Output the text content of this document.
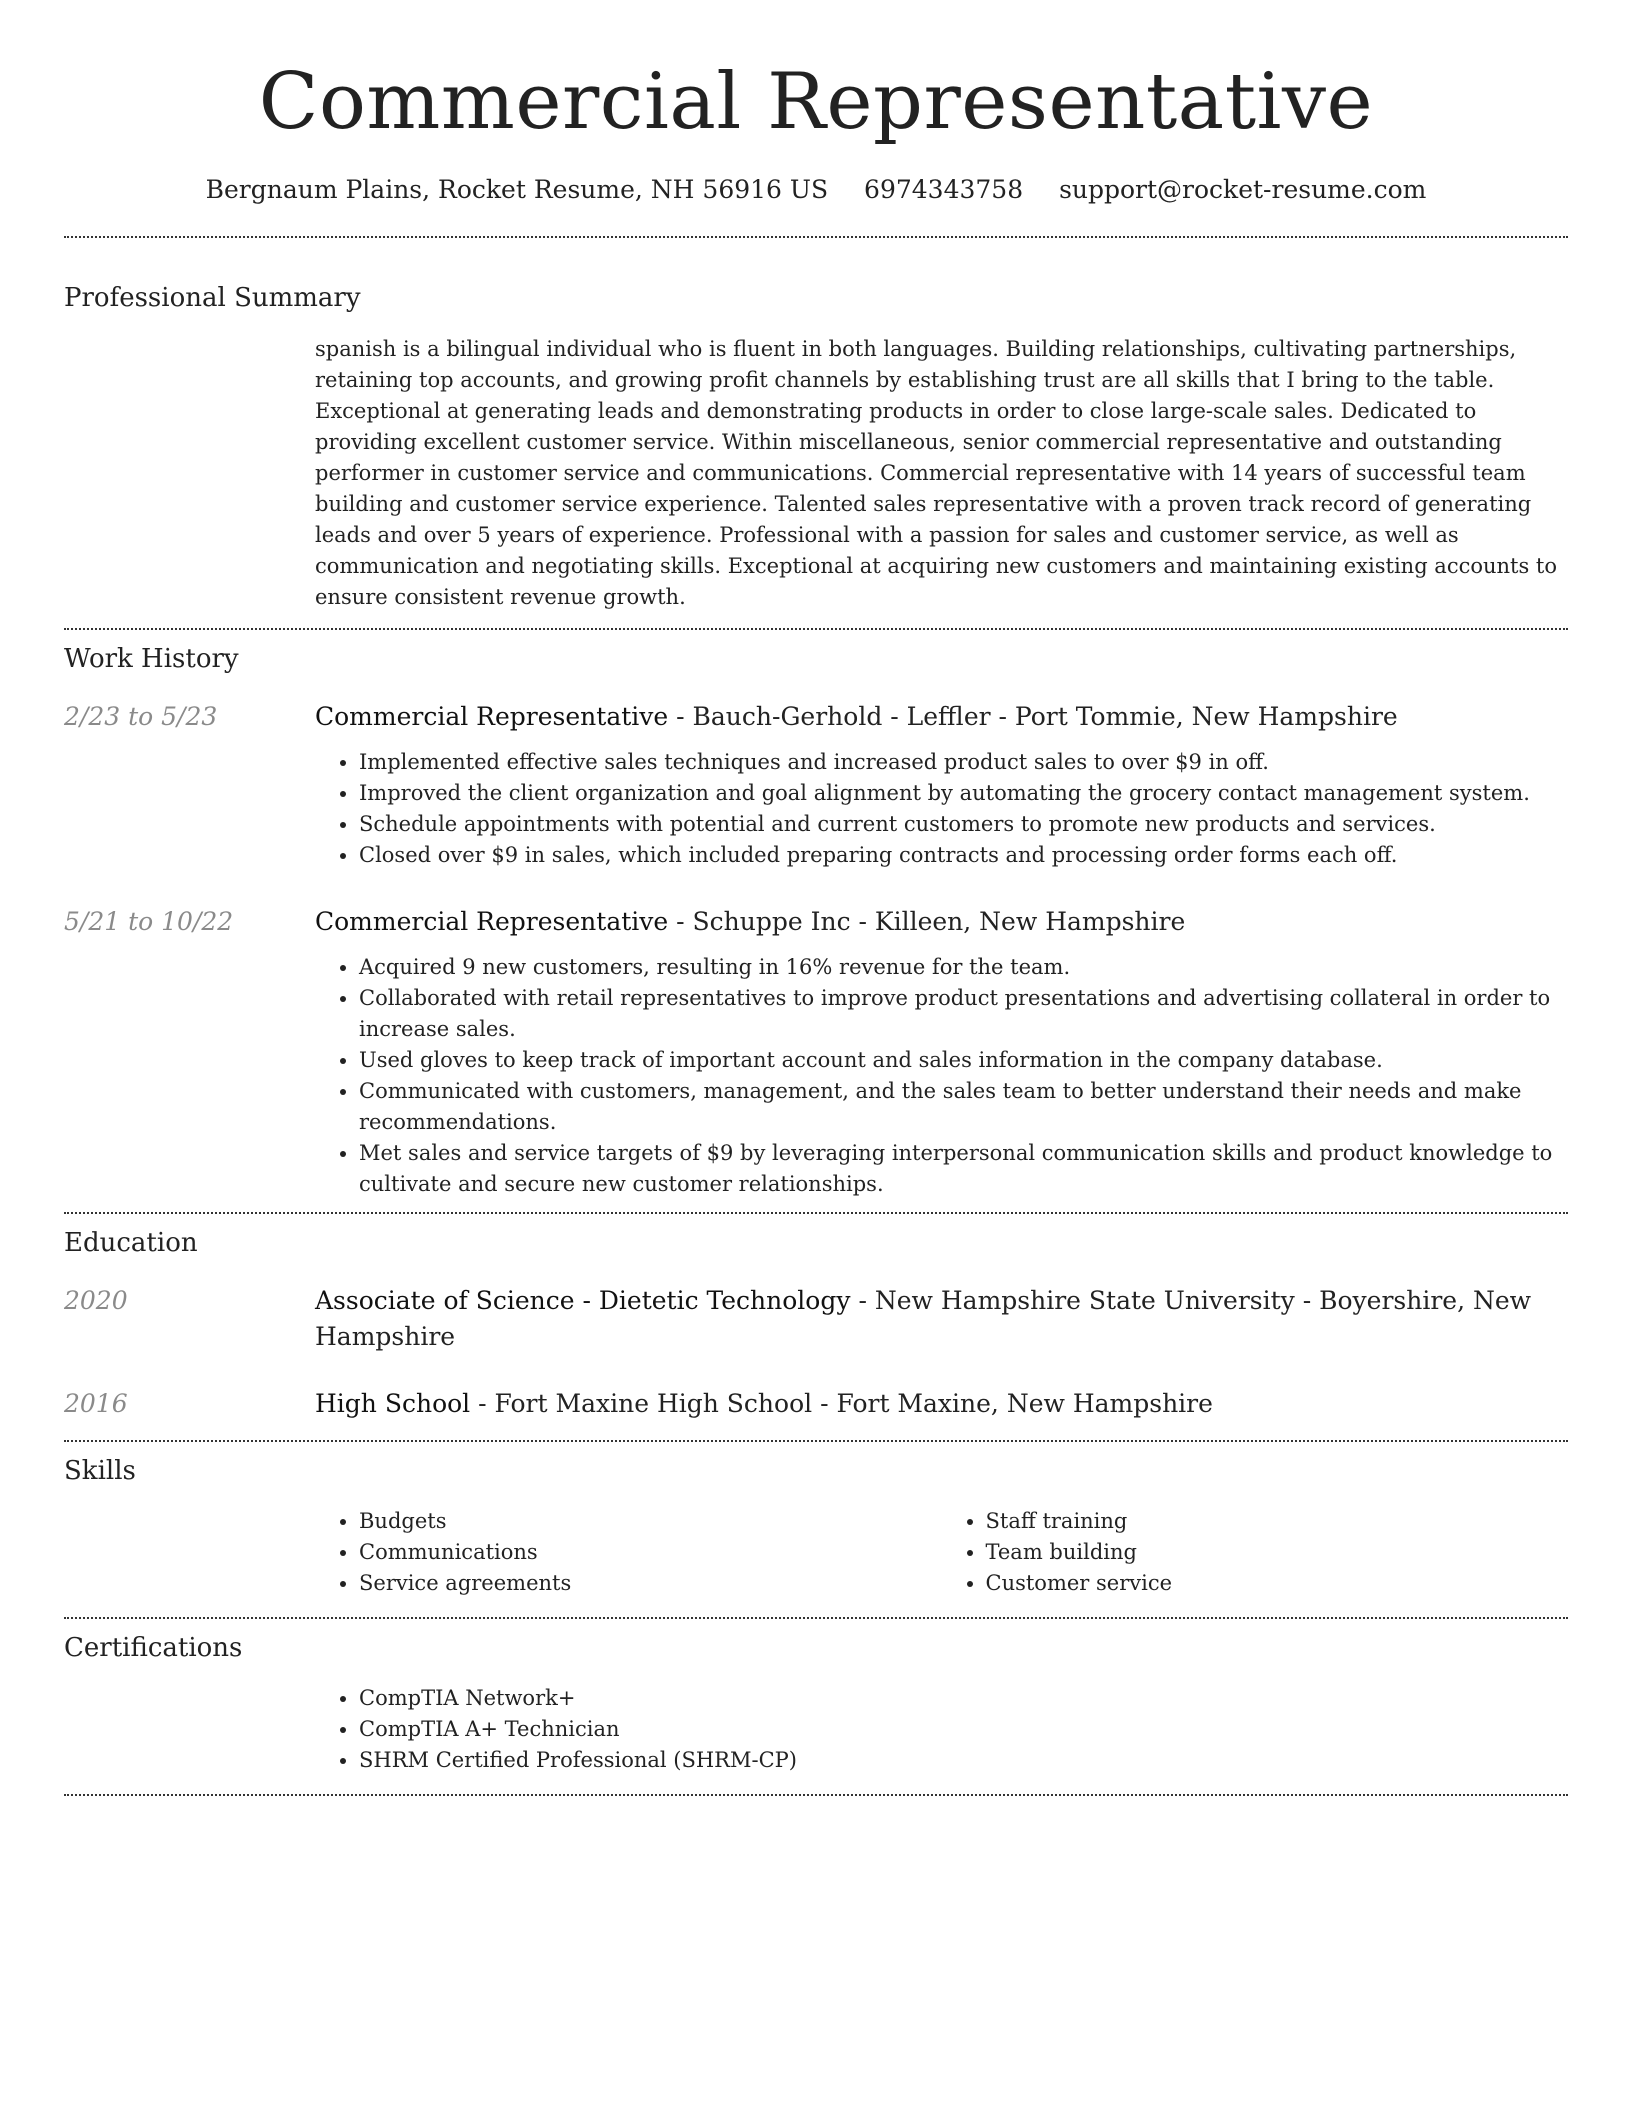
Commercial Representative
Bergnaum Plains, Rocket Resume, NH 56916 US 6974343758 support@rocket-resume.com
Professional Summary
spanish is a bilingual individual who is fluent in both languages. Building relationships, cultivating partnerships, retaining top accounts, and growing profit channels by establishing trust are all skills that I bring to the table. Exceptional at generating leads and demonstrating products in order to close large-scale sales. Dedicated to providing excellent customer service. Within miscellaneous, senior commercial representative and outstanding performer in customer service and communications. Commercial representative with 14 years of successful team building and customer service experience. Talented sales representative with a proven track record of generating leads and over 5 years of experience. Professional with a passion for sales and customer service, as well as communication and negotiating skills. Exceptional at acquiring new customers and maintaining existing accounts to ensure consistent revenue growth.
Work History
2/23 to 5/23	Commercial Representative - Bauch-Gerhold - Leffler - Port Tommie, New Hampshire
• Implemented effective sales techniques and increased product sales to over $9 in off.
• Improved the client organization and goal alignment by automating the grocery contact management system.
• Schedule appointments with potential and current customers to promote new products and services.
• Closed over $9 in sales, which included preparing contracts and processing order forms each off.
5/21 to 10/22	Commercial Representative - Schuppe Inc - Killeen, New Hampshire
• Acquired 9 new customers, resulting in 16% revenue for the team.
• Collaborated with retail representatives to improve product presentations and advertising collateral in order to increase sales.
• Used gloves to keep track of important account and sales information in the company database.
• Communicated with customers, management, and the sales team to better understand their needs and make recommendations.
• Met sales and service targets of $9 by leveraging interpersonal communication skills and product knowledge to cultivate and secure new customer relationships.
Education
2020	Associate of Science - Dietetic Technology - New Hampshire State University - Boyershire, New Hampshire
2016	High School - Fort Maxine High School - Fort Maxine, New Hampshire
Skills
• Budgets
• Communications
• Service agreements
• Staff training
• Team building
• Customer service
Certifications
• CompTIA Network+
• CompTIA A+ Technician
• SHRM Certified Professional (SHRM-CP)
